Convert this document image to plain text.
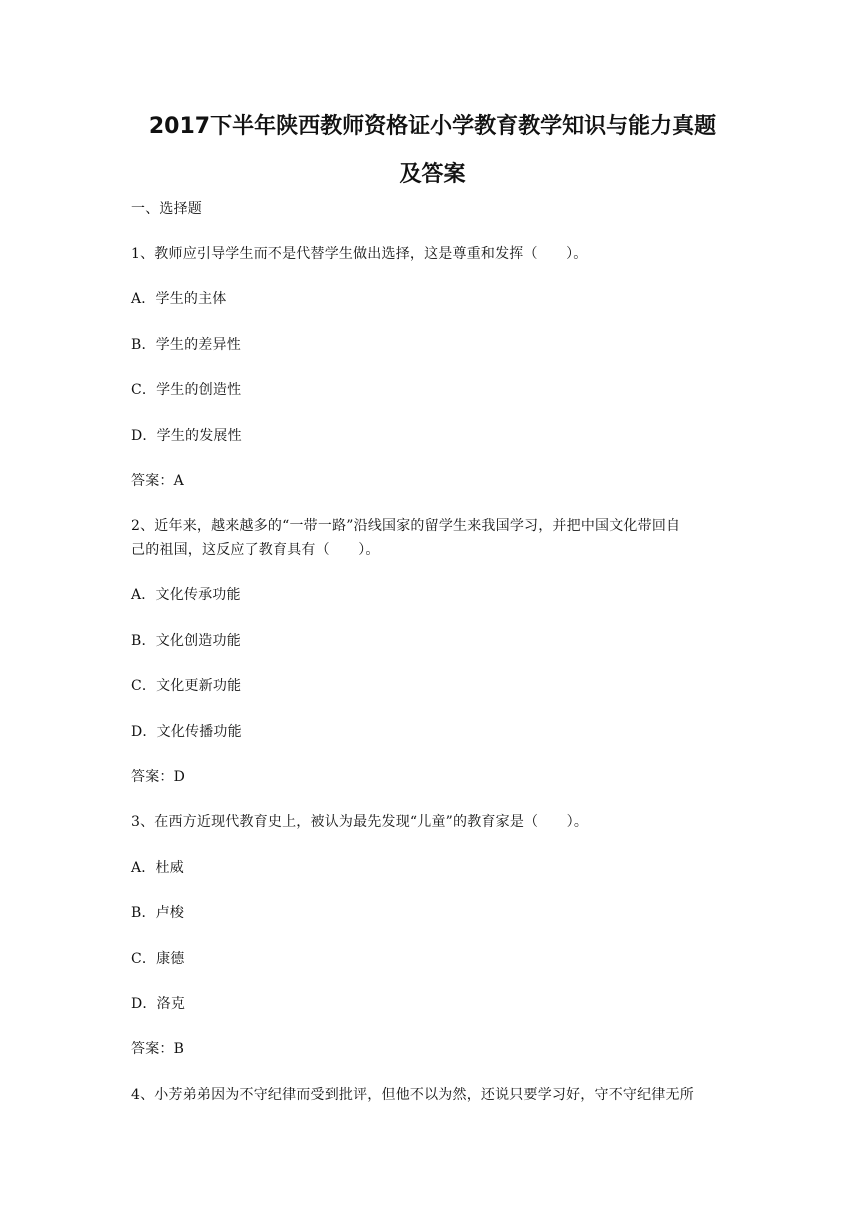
2017下半年陕西教师资格证小学教育教学知识与能力真题
及答案
一、选择题
1、教师应引导学生而不是代替学生做出选择，这是尊重和发挥（　　）。
A．学生的主体
B．学生的差异性
C．学生的创造性
D．学生的发展性
答案：A
2、近年来，越来越多的“一带一路”沿线国家的留学生来我国学习，并把中国文化带回自
己的祖国，这反应了教育具有（　　）。
A．文化传承功能
B．文化创造功能
C．文化更新功能
D．文化传播功能
答案：D
3、在西方近现代教育史上，被认为最先发现“儿童”的教育家是（　　）。
A．杜威
B．卢梭
C．康德
D．洛克
答案：B
4、小芳弟弟因为不守纪律而受到批评，但他不以为然，还说只要学习好，守不守纪律无所
